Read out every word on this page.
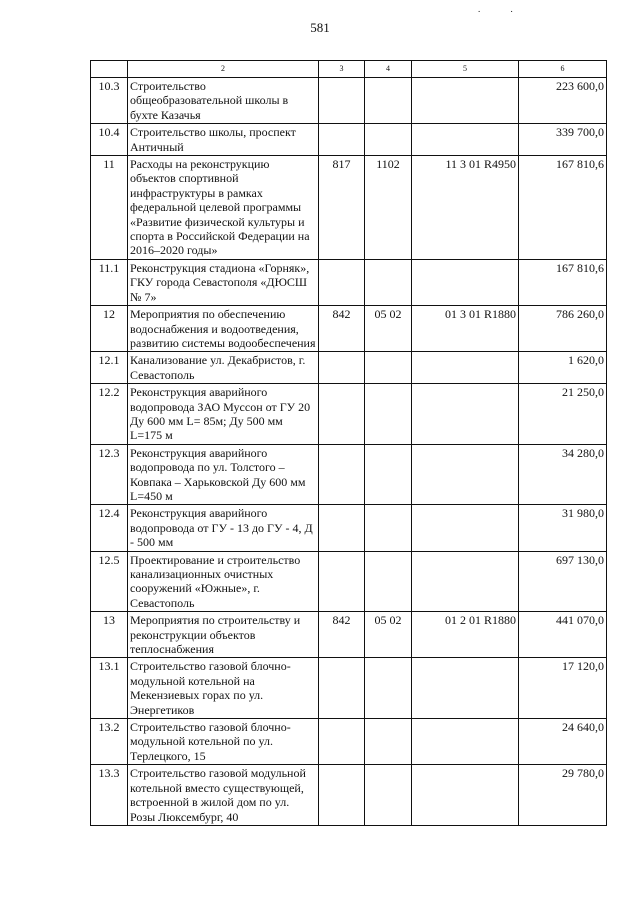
. .
581
	2	3	4	5	6
10.3	Строительство общеобразовательной школы в бухте Казачья				223 600,0
10.4	Строительство школы, проспект Античный				339 700,0
11	Расходы на реконструкцию объектов спортивной инфраструктуры в рамках федеральной целевой программы «Развитие физической культуры и спорта в Российской Федерации на 2016–2020 годы»	817	1102	11 3 01 R4950	167 810,6
11.1	Реконструкция стадиона «Горняк», ГКУ города Севастополя «ДЮСШ № 7»				167 810,6
12	Мероприятия по обеспечению водоснабжения и водоотведения, развитию системы водообеспечения	842	05 02	01 3 01 R1880	786 260,0
12.1	Канализование ул. Декабристов, г. Севастополь				1 620,0
12.2	Реконструкция аварийного водопровода ЗАО Муссон от ГУ 20 Ду 600 мм L= 85м; Ду 500 мм L=175 м				21 250,0
12.3	Реконструкция аварийного водопровода по ул. Толстого – Ковпака – Харьковской Ду 600 мм L=450 м				34 280,0
12.4	Реконструкция аварийного водопровода от ГУ - 13 до ГУ - 4, Д - 500 мм				31 980,0
12.5	Проектирование и строительство канализационных очистных сооружений «Южные», г. Севастополь				697 130,0
13	Мероприятия по строительству и реконструкции объектов теплоснабжения	842	05 02	01 2 01 R1880	441 070,0
13.1	Строительство газовой блочно-модульной котельной на Мекензиевых горах по ул. Энергетиков				17 120,0
13.2	Строительство газовой блочно-модульной котельной по ул. Терлецкого, 15				24 640,0
13.3	Строительство газовой модульной котельной вместо существующей, встроенной в жилой дом по ул. Розы Люксембург, 40				29 780,0
